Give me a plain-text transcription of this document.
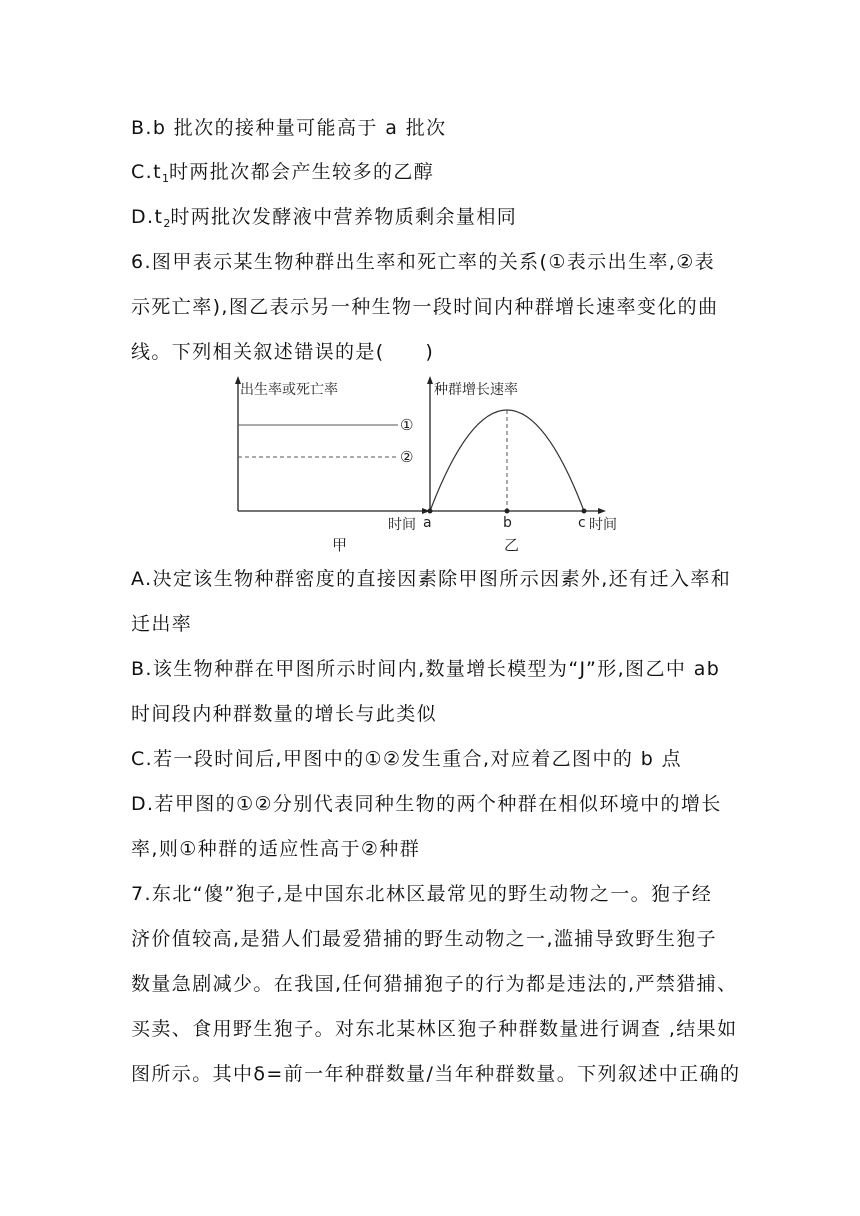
B.b 批次的接种量可能高于 a 批次
$C.t_1$时两批次都会产生较多的乙醇
$D.t_2$时两批次发酵液中营养物质剩余量相同
6.图甲表示某生物种群出生率和死亡率的关系(①表示出生率,②表
示死亡率),图乙表示另一种生物一段时间内种群增长速率变化的曲
线。下列相关叙述错误的是(　　)
出生率或死亡率
①
②
时间
甲
种群增长速率
a	b	c 时间
乙
A.决定该生物种群密度的直接因素除甲图所示因素外,还有迁入率和
迁出率
B.该生物种群在甲图所示时间内,数量增长模型为“J”形,图乙中 ab
时间段内种群数量的增长与此类似
C.若一段时间后,甲图中的①②发生重合,对应着乙图中的 b 点
D.若甲图的①②分别代表同种生物的两个种群在相似环境中的增长
率,则①种群的适应性高于②种群
7.东北“傻”狍子,是中国东北林区最常见的野生动物之一。狍子经
济价值较高,是猎人们最爱猎捕的野生动物之一,滥捕导致野生狍子
数量急剧减少。在我国,任何猎捕狍子的行为都是违法的,严禁猎捕、
买卖、食用野生狍子。对东北某林区狍子种群数量进行调查 ,结果如
图所示。其中δ=前一年种群数量/当年种群数量。下列叙述中正确的
